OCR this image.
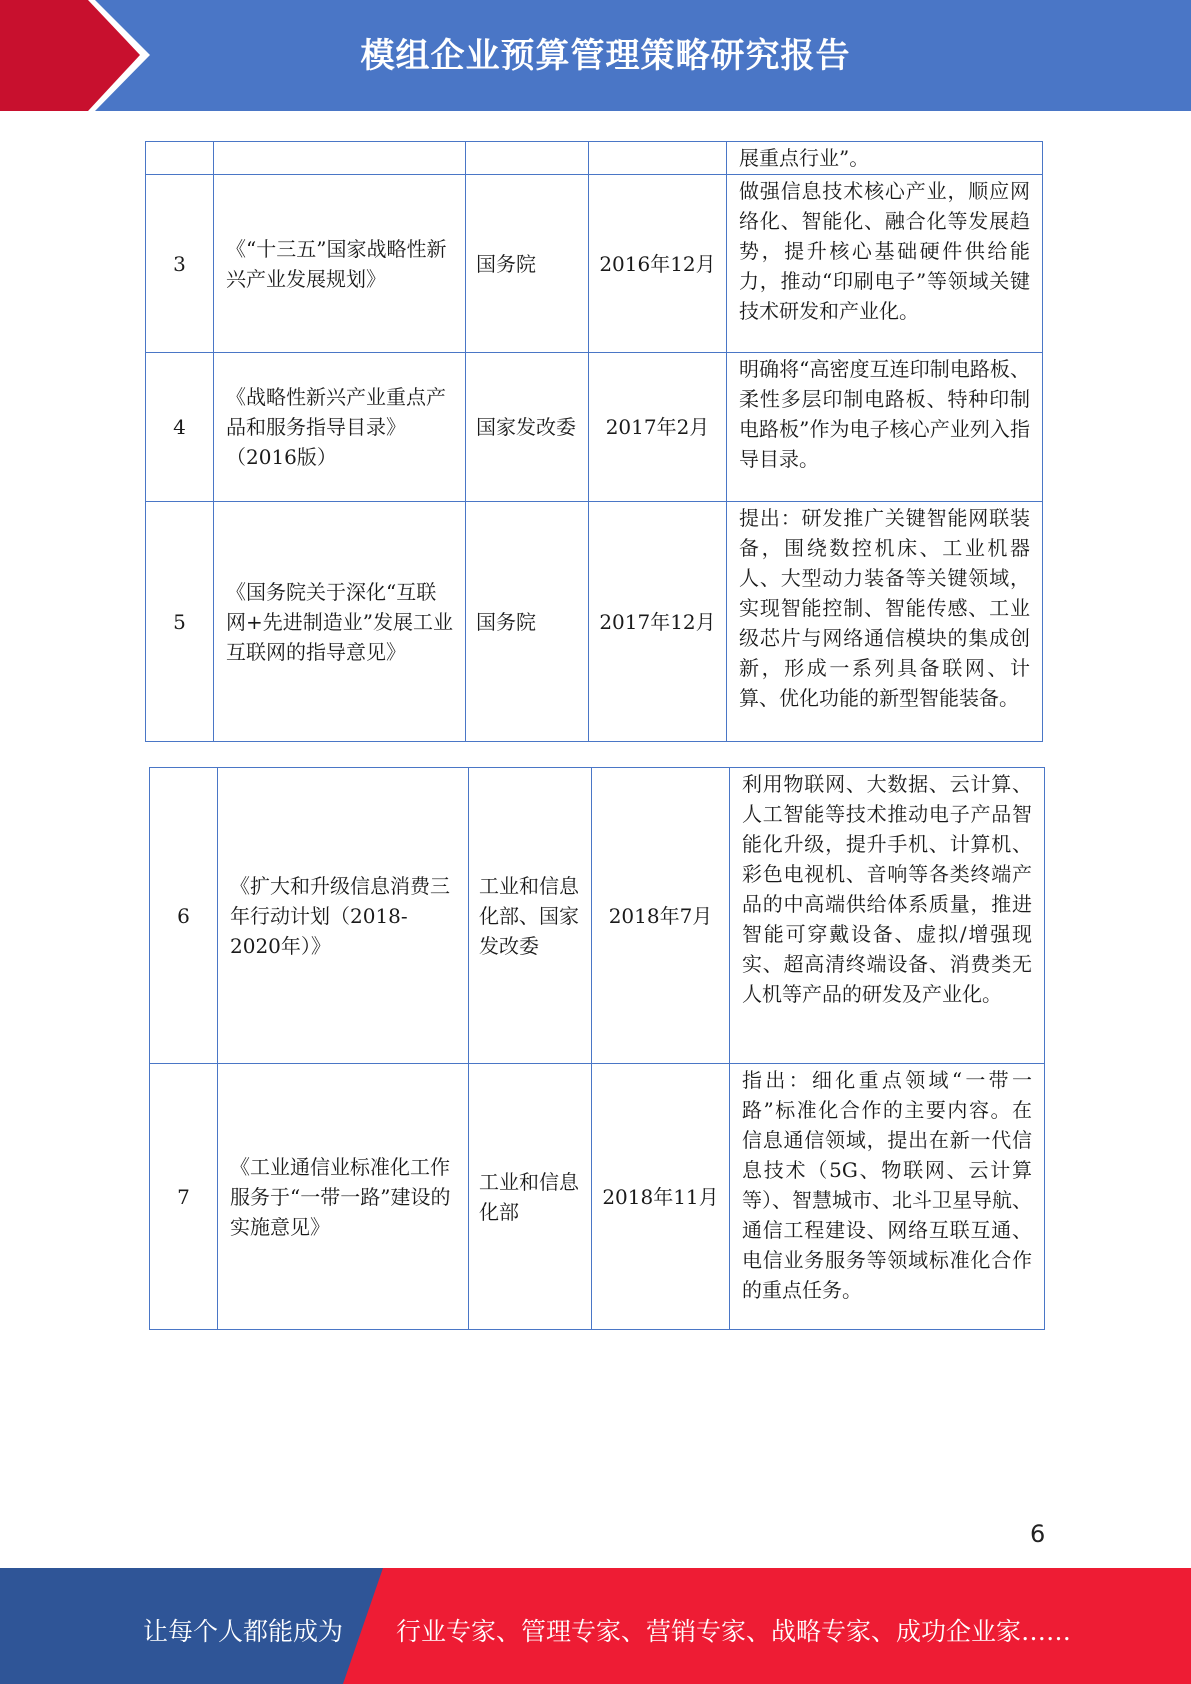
模组企业预算管理策略研究报告
				展重点行业”。
3	《“十三五”国家战略性新兴产业发展规划》	国务院	2016年12月	做强信息技术核心产业，顺应网络化、智能化、融合化等发展趋势，提升核心基础硬件供给能力，推动“印刷电子”等领域关键技术研发和产业化。
4	《战略性新兴产业重点产品和服务指导目录》（2016版）	国家发改委	2017年2月	明确将“高密度互连印制电路板、柔性多层印制电路板、特种印制电路板”作为电子核心产业列入指导目录。
5	《国务院关于深化“互联网+先进制造业”发展工业互联网的指导意见》	国务院	2017年12月	提出：研发推广关键智能网联装备，围绕数控机床、工业机器人、大型动力装备等关键领域，实现智能控制、智能传感、工业级芯片与网络通信模块的集成创新，形成一系列具备联网、计算、优化功能的新型智能装备。
6	《扩大和升级信息消费三年行动计划（2018-2020年）》	工业和信息化部、国家发改委	2018年7月	利用物联网、大数据、云计算、人工智能等技术推动电子产品智能化升级，提升手机、计算机、彩色电视机、音响等各类终端产品的中高端供给体系质量，推进智能可穿戴设备、虚拟/增强现实、超高清终端设备、消费类无人机等产品的研发及产业化。
7	《工业通信业标准化工作服务于“一带一路”建设的实施意见》	工业和信息化部	2018年11月	指出：细化重点领域“一带一路”标准化合作的主要内容。在信息通信领域，提出在新一代信息技术（5G、物联网、云计算等）、智慧城市、北斗卫星导航、通信工程建设、网络互联互通、电信业务服务等领域标准化合作的重点任务。
6
让每个人都能成为 行业专家、管理专家、营销专家、战略专家、成功企业家……
